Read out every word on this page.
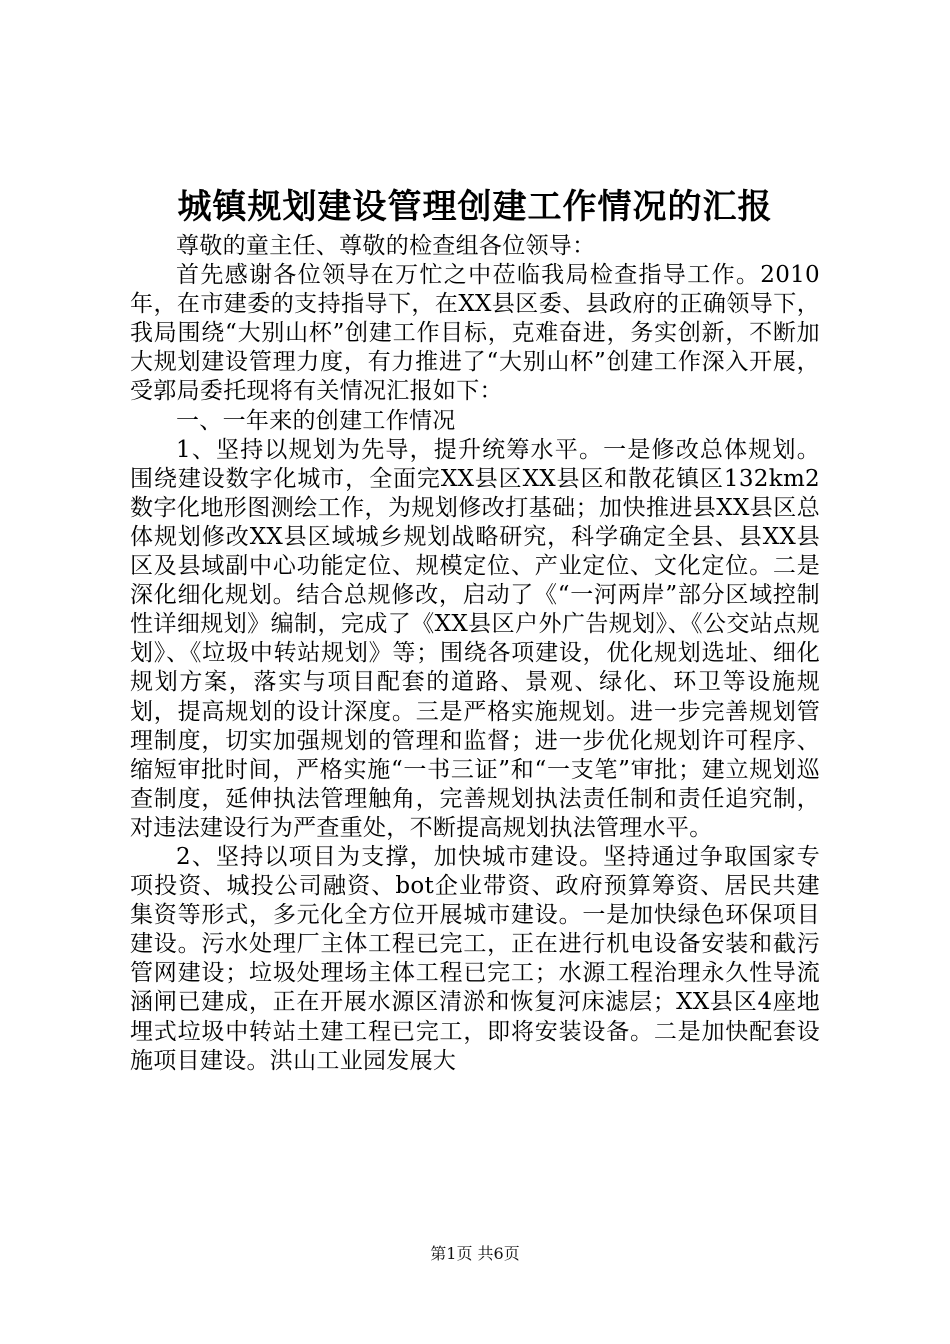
城镇规划建设管理创建工作情况的汇报

尊敬的童主任、尊敬的检查组各位领导：

首先感谢各位领导在万忙之中莅临我局检查指导工作。2010年，在市建委的支持指导下，在XX县区委、县政府的正确领导下，我局围绕“大别山杯”创建工作目标，克难奋进，务实创新，不断加大规划建设管理力度，有力推进了“大别山杯”创建工作深入开展，受郭局委托现将有关情况汇报如下：

一、一年来的创建工作情况

1、坚持以规划为先导，提升统筹水平。一是修改总体规划。围绕建设数字化城市，全面完XX县区XX县区和散花镇区132km2数字化地形图测绘工作，为规划修改打基础；加快推进县XX县区总体规划修改XX县区域城乡规划战略研究，科学确定全县、县XX县区及县域副中心功能定位、规模定位、产业定位、文化定位。二是深化细化规划。结合总规修改，启动了《“一河两岸”部分区域控制性详细规划》编制，完成了《XX县区户外广告规划》、《公交站点规划》、《垃圾中转站规划》等；围绕各项建设，优化规划选址、细化规划方案，落实与项目配套的道路、景观、绿化、环卫等设施规划，提高规划的设计深度。三是严格实施规划。进一步完善规划管理制度，切实加强规划的管理和监督；进一步优化规划许可程序、缩短审批时间，严格实施“一书三证”和“一支笔”审批；建立规划巡查制度，延伸执法管理触角，完善规划执法责任制和责任追究制，对违法建设行为严查重处，不断提高规划执法管理水平。

2、坚持以项目为支撑，加快城市建设。坚持通过争取国家专项投资、城投公司融资、bot企业带资、政府预算筹资、居民共建集资等形式，多元化全方位开展城市建设。一是加快绿色环保项目建设。污水处理厂主体工程已完工，正在进行机电设备安装和截污管网建设；垃圾处理场主体工程已完工；水源工程治理永久性导流涵闸已建成，正在开展水源区清淤和恢复河床滤层；XX县区4座地埋式垃圾中转站土建工程已完工，即将安装设备。二是加快配套设施项目建设。洪山工业园发展大

第1页 共6页
